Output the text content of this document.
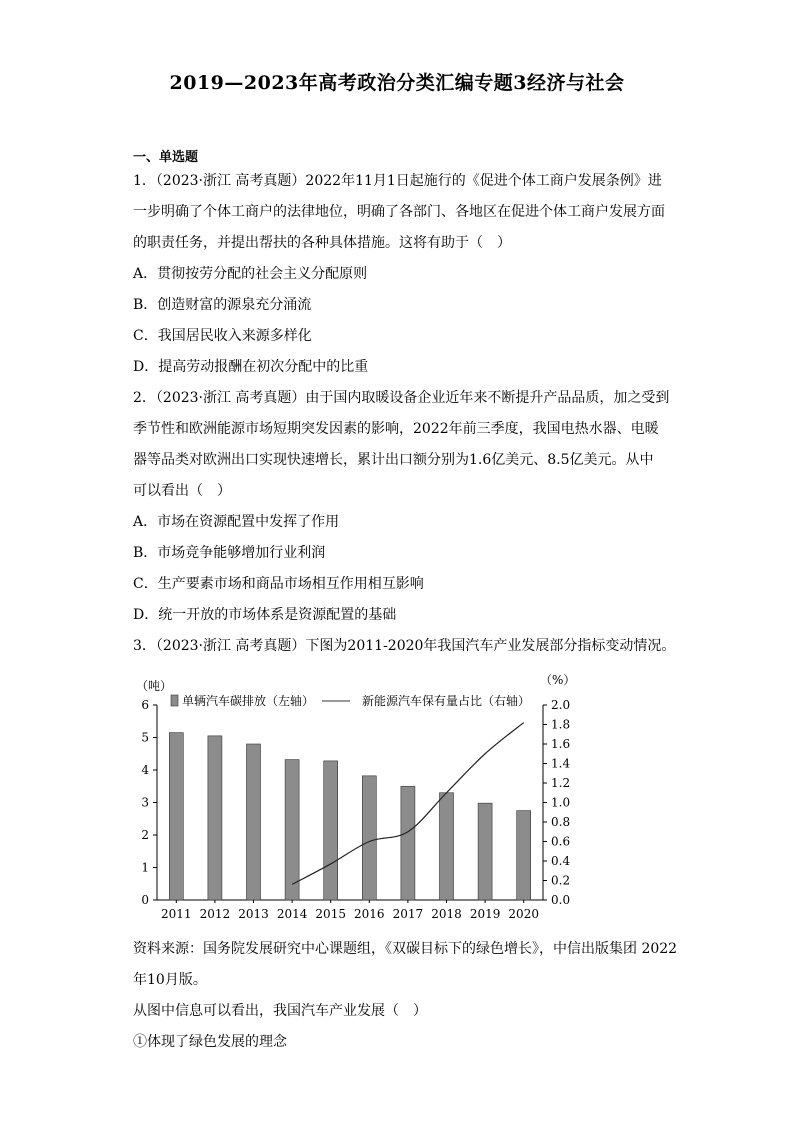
2019—2023年高考政治分类汇编专题3经济与社会
一、单选题
1．（2023·浙江 高考真题）2022年11月1日起施行的《促进个体工商户发展条例》进
一步明确了个体工商户的法律地位，明确了各部门、各地区在促进个体工商户发展方面
的职责任务，并提出帮扶的各种具体措施。这将有助于（　）
A．贯彻按劳分配的社会主义分配原则
B．创造财富的源泉充分涌流
C．我国居民收入来源多样化
D．提高劳动报酬在初次分配中的比重
2．（2023·浙江 高考真题）由于国内取暖设备企业近年来不断提升产品品质，加之受到
季节性和欧洲能源市场短期突发因素的影响，2022年前三季度，我国电热水器、电暖
器等品类对欧洲出口实现快速增长，累计出口额分别为1.6亿美元、8.5亿美元。从中
可以看出（　）
A．市场在资源配置中发挥了作用
B．市场竞争能够增加行业利润
C．生产要素市场和商品市场相互作用相互影响
D．统一开放的市场体系是资源配置的基础
3．（2023·浙江 高考真题）下图为2011-2020年我国汽车产业发展部分指标变动情况。
（吨）	（%）
单辆汽车碳排放（左轴）	新能源汽车保有量占比（右轴）
0
1
2
3
4
5
6
0.0
0.2
0.4
0.6
0.8
1.0
1.2
1.4
1.6
1.8
2.0
2011 2012 2013 2014 2015 2016 2017 2018 2019 2020
资料来源：国务院发展研究中心课题组，《双碳目标下的绿色增长》，中信出版集团 2022
年10月版。
从图中信息可以看出，我国汽车产业发展（　）
①体现了绿色发展的理念
